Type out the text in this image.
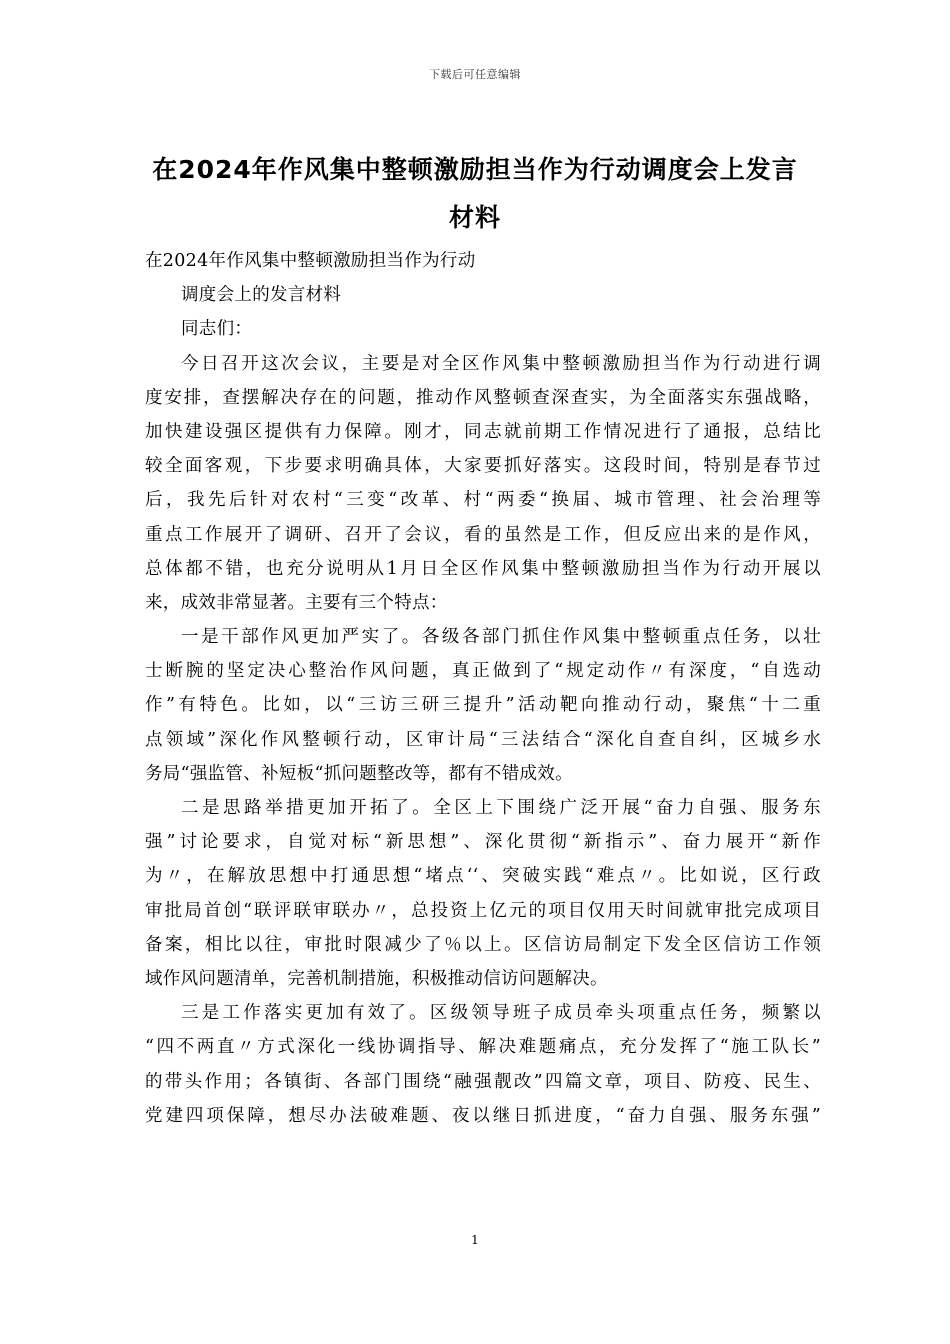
下载后可任意编辑
在2024年作风集中整顿激励担当作为行动调度会上发言
材料
在2024年作风集中整顿激励担当作为行动
调度会上的发言材料
同志们：
今日召开这次会议，主要是对全区作风集中整顿激励担当作为行动进行调
度安排，查摆解决存在的问题，推动作风整顿查深查实，为全面落实东强战略，
加快建设强区提供有力保障。刚才，同志就前期工作情况进行了通报，总结比
较全面客观，下步要求明确具体，大家要抓好落实。这段时间，特别是春节过
后，我先后针对农村“三变“改革、村“两委“换届、城市管理、社会治理等
重点工作展开了调研、召开了会议，看的虽然是工作，但反应出来的是作风，
总体都不错，也充分说明从1月日全区作风集中整顿激励担当作为行动开展以
来，成效非常显著。主要有三个特点：
一是干部作风更加严实了。各级各部门抓住作风集中整顿重点任务，以壮
士断腕的坚定决心整治作风问题，真正做到了“规定动作〃有深度，“自选动
作”有特色。比如，以“三访三研三提升”活动靶向推动行动，聚焦“十二重
点领域”深化作风整顿行动，区审计局“三法结合“深化自查自纠，区城乡水
务局“强监管、补短板“抓问题整改等，都有不错成效。
二是思路举措更加开拓了。全区上下围绕广泛开展“奋力自强、服务东
强”讨论要求，自觉对标“新思想”、深化贯彻“新指示”、奋力展开“新作
为〃，在解放思想中打通思想“堵点‘‘、突破实践“难点〃。比如说，区行政
审批局首创“联评联审联办〃，总投资上亿元的项目仅用天时间就审批完成项目
备案，相比以往，审批时限减少了％以上。区信访局制定下发全区信访工作领
域作风问题清单，完善机制措施，积极推动信访问题解决。
三是工作落实更加有效了。区级领导班子成员牵头项重点任务，频繁以
“四不两直〃方式深化一线协调指导、解决难题痛点，充分发挥了“施工队长”
的带头作用；各镇街、各部门围绕“融强靓改”四篇文章，项目、防疫、民生、
党建四项保障，想尽办法破难题、夜以继日抓进度，“奋力自强、服务东强”
1
